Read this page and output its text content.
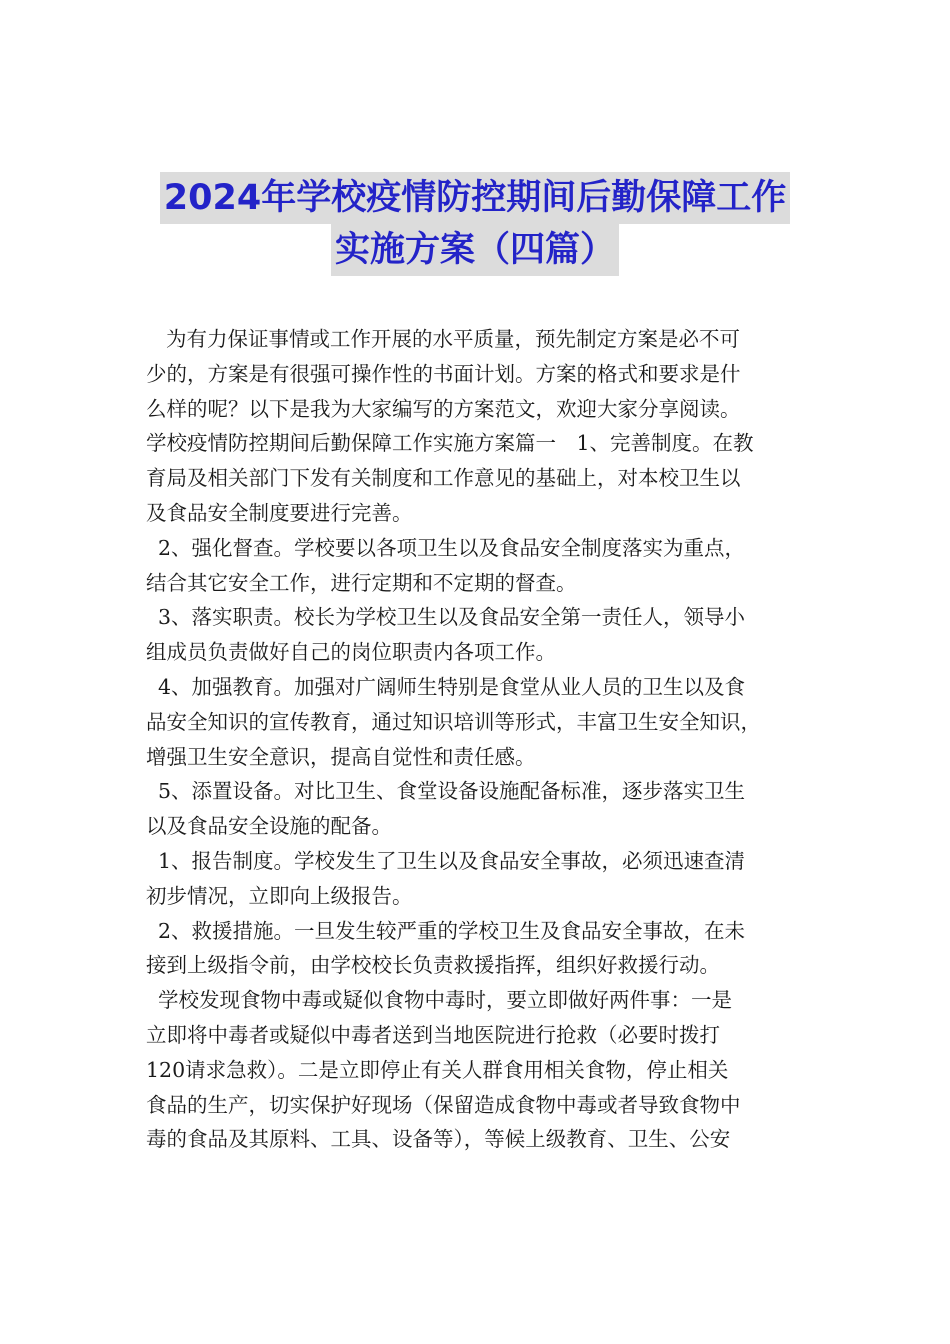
2024年学校疫情防控期间后勤保障工作
实施方案（四篇）
为有力保证事情或工作开展的水平质量，预先制定方案是必不可
少的，方案是有很强可操作性的书面计划。方案的格式和要求是什
么样的呢？以下是我为大家编写的方案范文，欢迎大家分享阅读。
学校疫情防控期间后勤保障工作实施方案篇一　1、完善制度。在教
育局及相关部门下发有关制度和工作意见的基础上，对本校卫生以
及食品安全制度要进行完善。
2、强化督查。学校要以各项卫生以及食品安全制度落实为重点，
结合其它安全工作，进行定期和不定期的督查。
3、落实职责。校长为学校卫生以及食品安全第一责任人，领导小
组成员负责做好自己的岗位职责内各项工作。
4、加强教育。加强对广阔师生特别是食堂从业人员的卫生以及食
品安全知识的宣传教育，通过知识培训等形式，丰富卫生安全知识，
增强卫生安全意识，提高自觉性和责任感。
5、添置设备。对比卫生、食堂设备设施配备标准，逐步落实卫生
以及食品安全设施的配备。
1、报告制度。学校发生了卫生以及食品安全事故，必须迅速查清
初步情况，立即向上级报告。
2、救援措施。一旦发生较严重的学校卫生及食品安全事故，在未
接到上级指令前，由学校校长负责救援指挥，组织好救援行动。
学校发现食物中毒或疑似食物中毒时，要立即做好两件事：一是
立即将中毒者或疑似中毒者送到当地医院进行抢救（必要时拨打
120请求急救）。二是立即停止有关人群食用相关食物，停止相关
食品的生产，切实保护好现场（保留造成食物中毒或者导致食物中
毒的食品及其原料、工具、设备等），等候上级教育、卫生、公安
